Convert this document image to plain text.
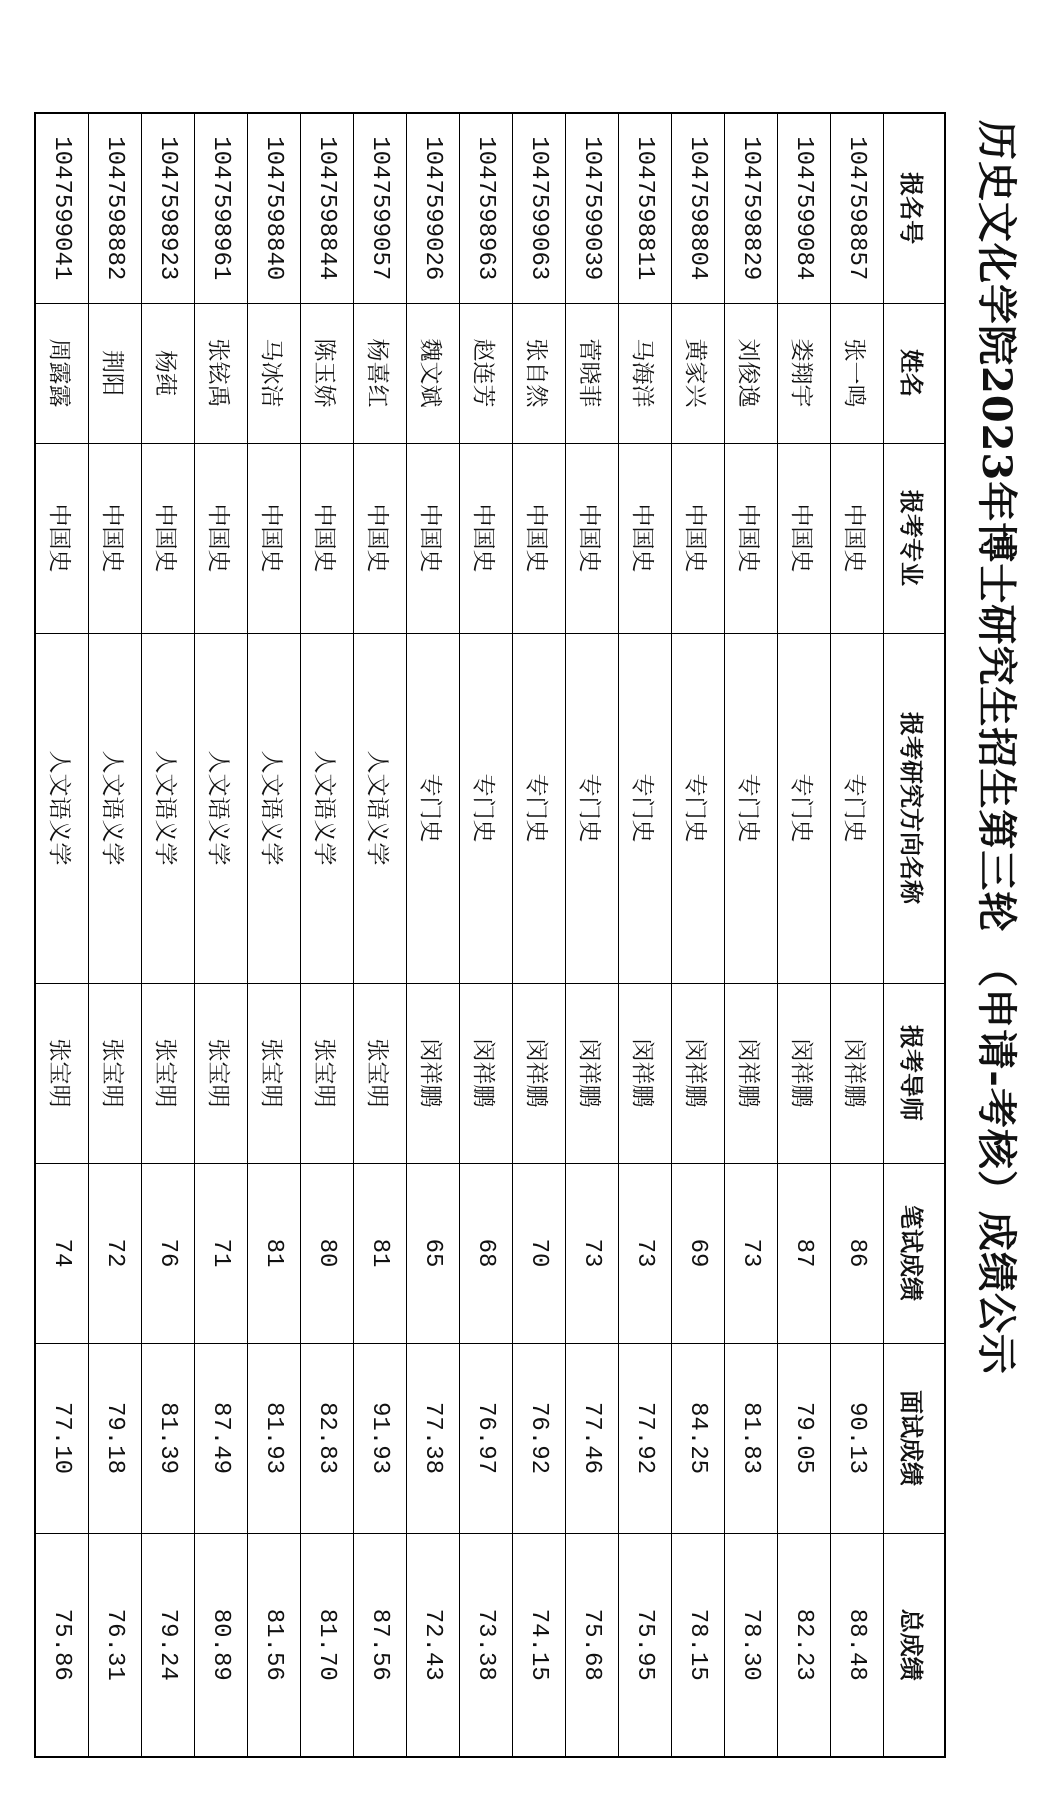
历史文化学院2023年博士研究生招生第三轮 （申请-考核）成绩公示
报名号	姓名	报考专业	报考研究方向名称	报考导师	笔试成绩	面试成绩	总成绩
1047598857	张一鸣	中国史	专门史	闵祥鹏	86	90.13	88.48
1047599084	娄翔宇	中国史	专门史	闵祥鹏	87	79.05	82.23
1047598829	刘俊逸	中国史	专门史	闵祥鹏	73	81.83	78.30
1047598804	黄家兴	中国史	专门史	闵祥鹏	69	84.25	78.15
1047598811	马海洋	中国史	专门史	闵祥鹏	73	77.92	75.95
1047599039	菅晓菲	中国史	专门史	闵祥鹏	73	77.46	75.68
1047599063	张自然	中国史	专门史	闵祥鹏	70	76.92	74.15
1047598963	赵连芳	中国史	专门史	闵祥鹏	68	76.97	73.38
1047599026	魏文斌	中国史	专门史	闵祥鹏	65	77.38	72.43
1047599057	杨喜红	中国史	人文语义学	张宝明	81	91.93	87.56
1047598844	陈玉娇	中国史	人文语义学	张宝明	80	82.83	81.70
1047598840	马冰洁	中国史	人文语义学	张宝明	81	81.93	81.56
1047598961	张铉禹	中国史	人文语义学	张宝明	71	87.49	80.89
1047598923	杨莼	中国史	人文语义学	张宝明	76	81.39	79.24
1047598882	荆阳	中国史	人文语义学	张宝明	72	79.18	76.31
1047599041	周露露	中国史	人文语义学	张宝明	74	77.10	75.86
